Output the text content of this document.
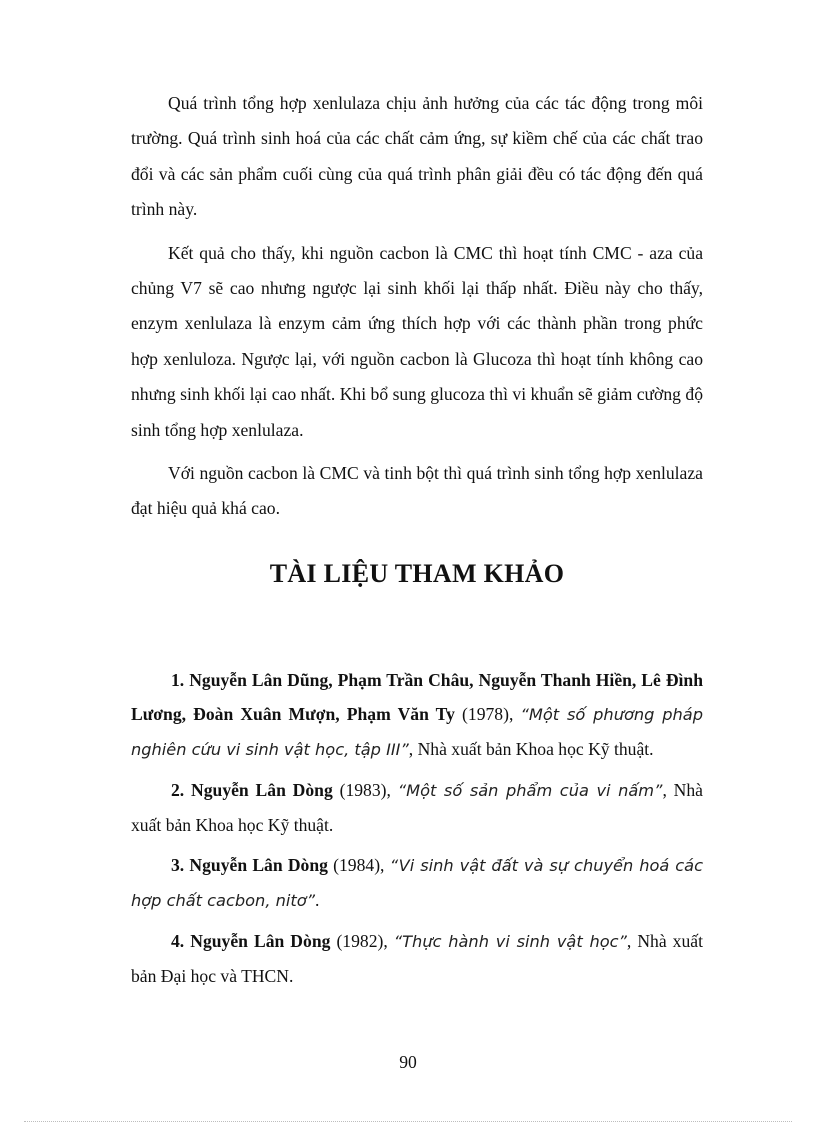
Quá trình tổng hợp xenlulaza chịu ảnh hưởng của các tác động trong môi trường. Quá trình sinh hoá của các chất cảm ứng, sự kiềm chế của các chất trao đổi và các sản phẩm cuối cùng của quá trình phân giải đều có tác động đến quá trình này.

Kết quả cho thấy, khi nguồn cacbon là CMC thì hoạt tính CMC - aza của chủng V7 sẽ cao nhưng ngược lại sinh khối lại thấp nhất. Điều này cho thấy, enzym xenlulaza là enzym cảm ứng thích hợp với các thành phần trong phức hợp xenluloza. Ngược lại, với nguồn cacbon là Glucoza thì hoạt tính không cao nhưng sinh khối lại cao nhất. Khi bổ sung glucoza thì vi khuẩn sẽ giảm cường độ sinh tổng hợp xenlulaza.

Với nguồn cacbon là CMC và tinh bột thì quá trình sinh tổng hợp xenlulaza đạt hiệu quả khá cao.

TÀI LIỆU THAM KHẢO

1. Nguyễn Lân Dũng, Phạm Trần Châu, Nguyễn Thanh Hiền, Lê Đình Lương, Đoàn Xuân Mượn, Phạm Văn Ty (1978), “Một số phương pháp nghiên cứu vi sinh vật học, tập III”, Nhà xuất bản Khoa học Kỹ thuật.

2. Nguyễn Lân Dòng (1983), “Một số sản phẩm của vi nấm”, Nhà xuất bản Khoa học Kỹ thuật.

3. Nguyễn Lân Dòng (1984), “Vi sinh vật đất và sự chuyển hoá các hợp chất cacbon, nitơ”.

4. Nguyễn Lân Dòng (1982), “Thực hành vi sinh vật học”, Nhà xuất bản Đại học và THCN.

90
